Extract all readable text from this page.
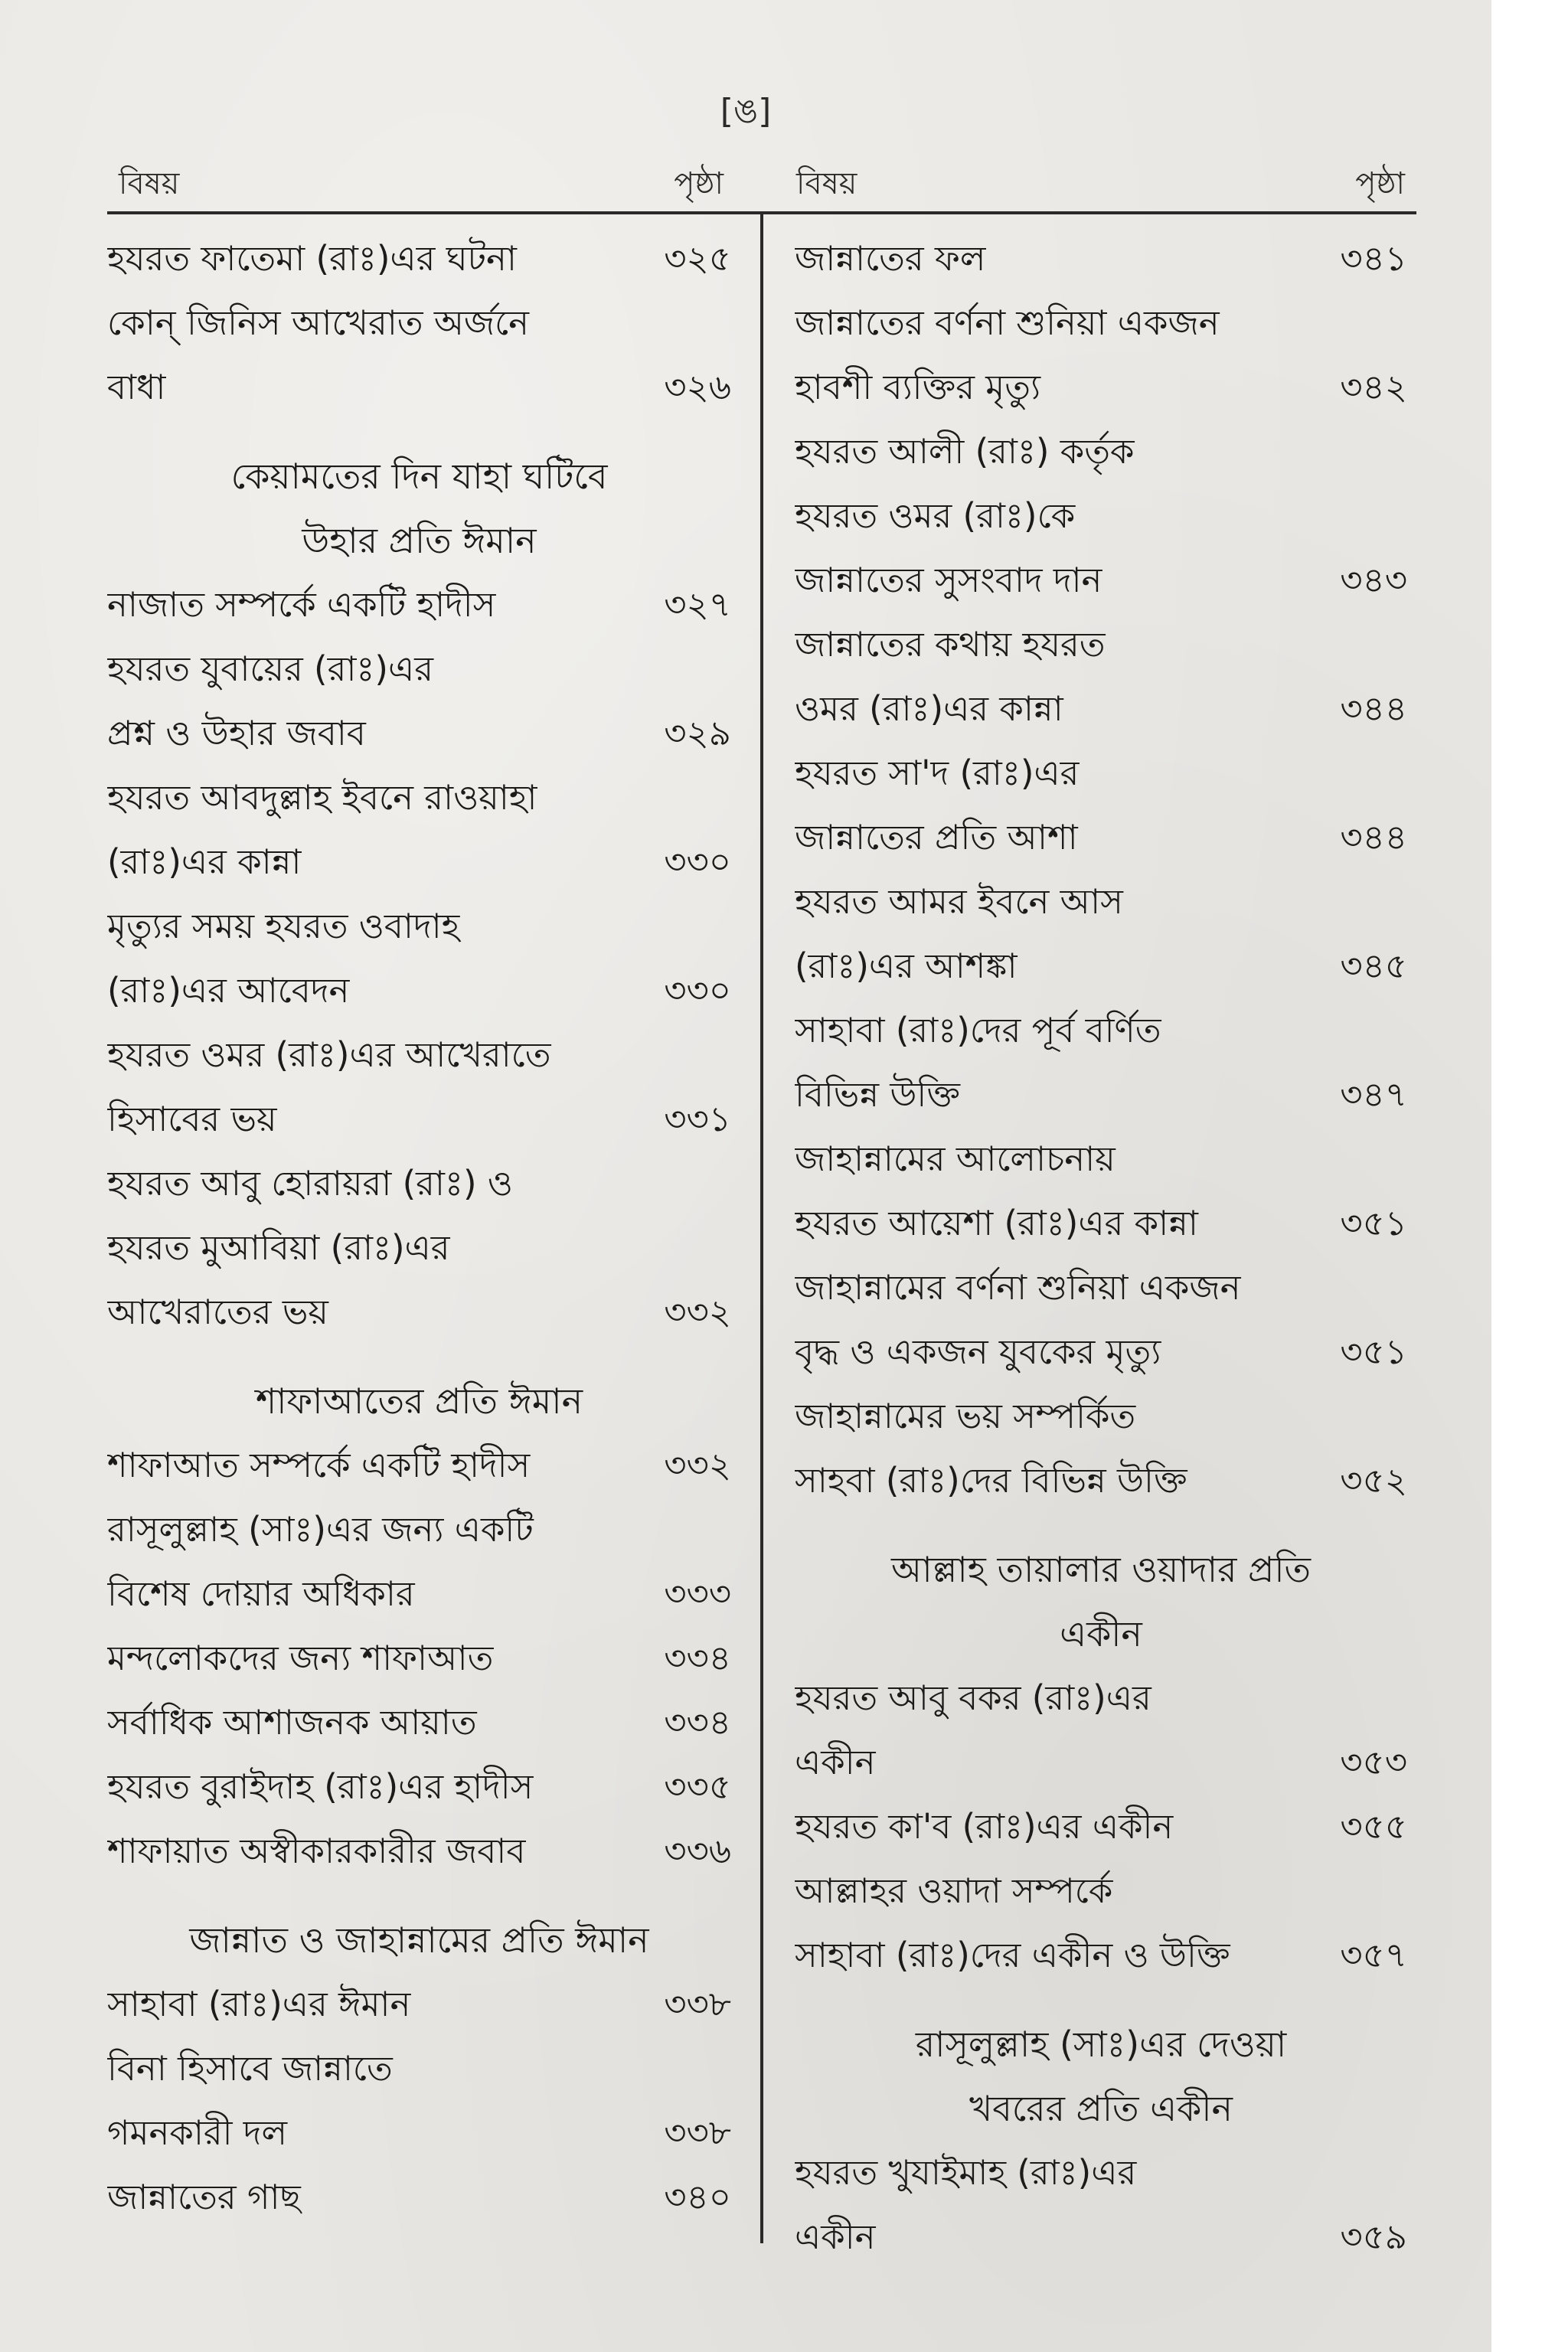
[ঙ]
বিষয়	পৃষ্ঠা বিষয়	পৃষ্ঠা
হযরত ফাতেমা (রাঃ)এর ঘটনা	৩২৫
কোন্ জিনিস আখেরাত অর্জনে
বাধা	৩২৬
কেয়ামতের দিন যাহা ঘটিবে
উহার প্রতি ঈমান
নাজাত সম্পর্কে একটি হাদীস	৩২৭
হযরত যুবায়ের (রাঃ)এর
প্রশ্ন ও উহার জবাব	৩২৯
হযরত আবদুল্লাহ ইবনে রাওয়াহা
(রাঃ)এর কান্না	৩৩০
মৃত্যুর সময় হযরত ওবাদাহ
(রাঃ)এর আবেদন	৩৩০
হযরত ওমর (রাঃ)এর আখেরাতে
হিসাবের ভয়	৩৩১
হযরত আবু হোরায়রা (রাঃ) ও
হযরত মুআবিয়া (রাঃ)এর
আখেরাতের ভয়	৩৩২
শাফাআতের প্রতি ঈমান
শাফাআত সম্পর্কে একটি হাদীস	৩৩২
রাসূলুল্লাহ (সাঃ)এর জন্য একটি
বিশেষ দোয়ার অধিকার	৩৩৩
মন্দলোকদের জন্য শাফাআত	৩৩৪
সর্বাধিক আশাজনক আয়াত	৩৩৪
হযরত বুরাইদাহ (রাঃ)এর হাদীস	৩৩৫
শাফায়াত অস্বীকারকারীর জবাব	৩৩৬
জান্নাত ও জাহান্নামের প্রতি ঈমান
সাহাবা (রাঃ)এর ঈমান	৩৩৮
বিনা হিসাবে জান্নাতে
গমনকারী দল	৩৩৮
জান্নাতের গাছ	৩৪০
জান্নাতের ফল	৩৪১
জান্নাতের বর্ণনা শুনিয়া একজন
হাবশী ব্যক্তির মৃত্যু	৩৪২
হযরত আলী (রাঃ) কর্তৃক
হযরত ওমর (রাঃ)কে
জান্নাতের সুসংবাদ দান	৩৪৩
জান্নাতের কথায় হযরত
ওমর (রাঃ)এর কান্না	৩৪৪
হযরত সা'দ (রাঃ)এর
জান্নাতের প্রতি আশা	৩৪৪
হযরত আমর ইবনে আস
(রাঃ)এর আশঙ্কা	৩৪৫
সাহাবা (রাঃ)দের পূর্ব বর্ণিত
বিভিন্ন উক্তি	৩৪৭
জাহান্নামের আলোচনায়
হযরত আয়েশা (রাঃ)এর কান্না	৩৫১
জাহান্নামের বর্ণনা শুনিয়া একজন
বৃদ্ধ ও একজন যুবকের মৃত্যু	৩৫১
জাহান্নামের ভয় সম্পর্কিত
সাহবা (রাঃ)দের বিভিন্ন উক্তি	৩৫২
আল্লাহ তায়ালার ওয়াদার প্রতি
একীন
হযরত আবু বকর (রাঃ)এর
একীন	৩৫৩
হযরত কা'ব (রাঃ)এর একীন	৩৫৫
আল্লাহর ওয়াদা সম্পর্কে
সাহাবা (রাঃ)দের একীন ও উক্তি	৩৫৭
রাসূলুল্লাহ (সাঃ)এর দেওয়া
খবরের প্রতি একীন
হযরত খুযাইমাহ (রাঃ)এর
একীন	৩৫৯
